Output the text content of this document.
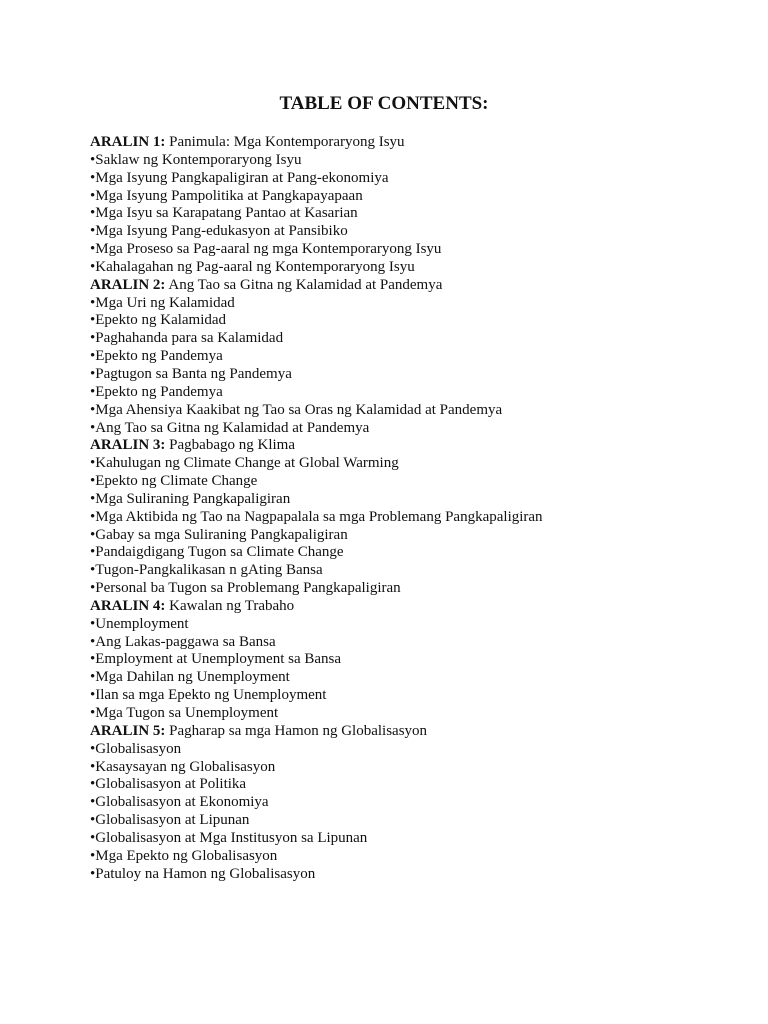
TABLE OF CONTENTS:
ARALIN 1: Panimula: Mga Kontemporaryong Isyu
•Saklaw ng Kontemporaryong Isyu
•Mga Isyung Pangkapaligiran at Pang-ekonomiya
•Mga Isyung Pampolitika at Pangkapayapaan
•Mga Isyu sa Karapatang Pantao at Kasarian
•Mga Isyung Pang-edukasyon at Pansibiko
•Mga Proseso sa Pag-aaral ng mga Kontemporaryong Isyu
•Kahalagahan ng Pag-aaral ng Kontemporaryong Isyu
ARALIN 2: Ang Tao sa Gitna ng Kalamidad at Pandemya
•Mga Uri ng Kalamidad
•Epekto ng Kalamidad
•Paghahanda para sa Kalamidad
•Epekto ng Pandemya
•Pagtugon sa Banta ng Pandemya
•Epekto ng Pandemya
•Mga Ahensiya Kaakibat ng Tao sa Oras ng Kalamidad at Pandemya
•Ang Tao sa Gitna ng Kalamidad at Pandemya
ARALIN 3: Pagbabago ng Klima
•Kahulugan ng Climate Change at Global Warming
•Epekto ng Climate Change
•Mga Suliraning Pangkapaligiran
•Mga Aktibida ng Tao na Nagpapalala sa mga Problemang Pangkapaligiran
•Gabay sa mga Suliraning Pangkapaligiran
•Pandaigdigang Tugon sa Climate Change
•Tugon-Pangkalikasan n gAting Bansa
•Personal ba Tugon sa Problemang Pangkapaligiran
ARALIN 4: Kawalan ng Trabaho
•Unemployment
•Ang Lakas-paggawa sa Bansa
•Employment at Unemployment sa Bansa
•Mga Dahilan ng Unemployment
•Ilan sa mga Epekto ng Unemployment
•Mga Tugon sa Unemployment
ARALIN 5: Pagharap sa mga Hamon ng Globalisasyon
•Globalisasyon
•Kasaysayan ng Globalisasyon
•Globalisasyon at Politika
•Globalisasyon at Ekonomiya
•Globalisasyon at Lipunan
•Globalisasyon at Mga Institusyon sa Lipunan
•Mga Epekto ng Globalisasyon
•Patuloy na Hamon ng Globalisasyon
